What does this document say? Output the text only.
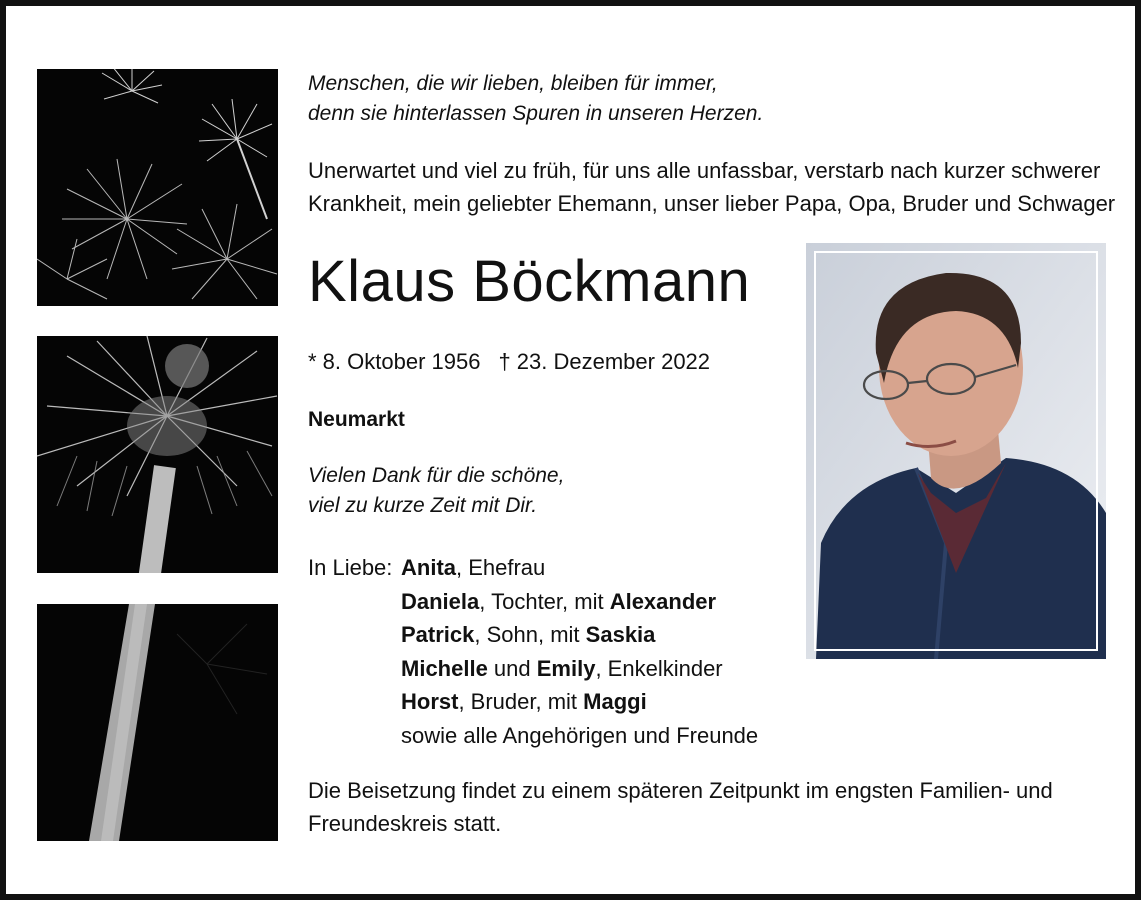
Menschen, die wir lieben, bleiben für immer,
denn sie hinterlassen Spuren in unseren Herzen.
Unerwartet und viel zu früh, für uns alle unfassbar, verstarb nach kurzer schwerer
Krankheit, mein geliebter Ehemann, unser lieber Papa, Opa, Bruder und Schwager
Klaus Böckmann
* 8. Oktober 1956 † 23. Dezember 2022
Neumarkt
Vielen Dank für die schöne,
viel zu kurze Zeit mit Dir.
In Liebe: Anita, Ehefrau
Daniela, Tochter, mit Alexander
Patrick, Sohn, mit Saskia
Michelle und Emily, Enkelkinder
Horst, Bruder, mit Maggi
sowie alle Angehörigen und Freunde
Die Beisetzung findet zu einem späteren Zeitpunkt im engsten Familien- und
Freundeskreis statt.
